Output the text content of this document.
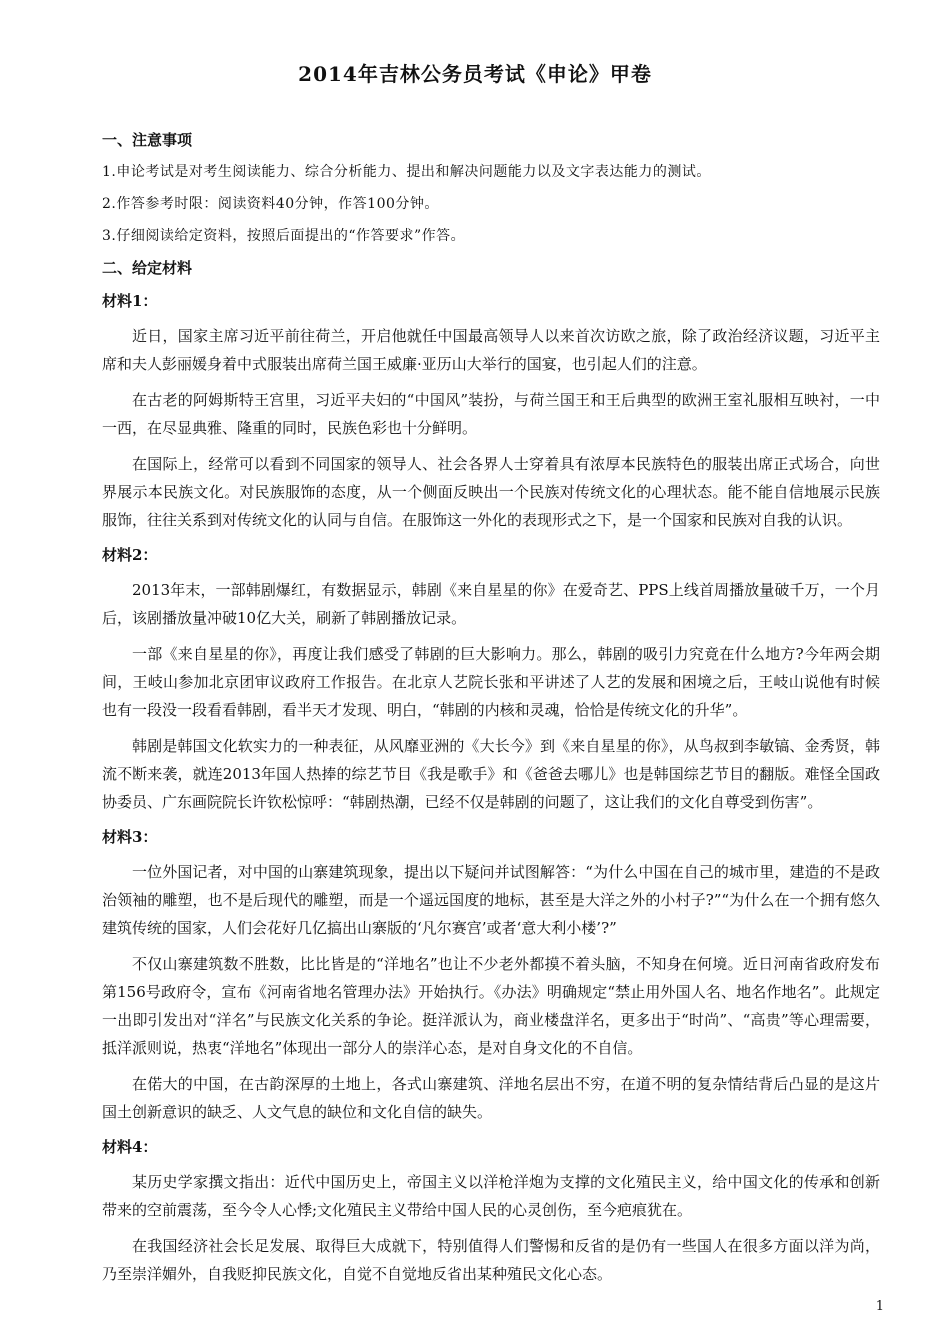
2014年吉林公务员考试《申论》甲卷
一、注意事项
1.申论考试是对考生阅读能力、综合分析能力、提出和解决问题能力以及文字表达能力的测试。
2.作答参考时限：阅读资料40分钟，作答100分钟。
3.仔细阅读给定资料，按照后面提出的“作答要求”作答。
二、给定材料
材料1：

近日，国家主席习近平前往荷兰，开启他就任中国最高领导人以来首次访欧之旅，除了政治经济议题，习近平主席和夫人彭丽媛身着中式服装出席荷兰国王威廉·亚历山大举行的国宴，也引起人们的注意。

在古老的阿姆斯特王宫里，习近平夫妇的“中国风”装扮，与荷兰国王和王后典型的欧洲王室礼服相互映衬，一中一西，在尽显典雅、隆重的同时，民族色彩也十分鲜明。

在国际上，经常可以看到不同国家的领导人、社会各界人士穿着具有浓厚本民族特色的服装出席正式场合，向世界展示本民族文化。对民族服饰的态度，从一个侧面反映出一个民族对传统文化的心理状态。能不能自信地展示民族服饰，往往关系到对传统文化的认同与自信。在服饰这一外化的表现形式之下，是一个国家和民族对自我的认识。

材料2：

2013年末，一部韩剧爆红，有数据显示，韩剧《来自星星的你》在爱奇艺、PPS上线首周播放量破千万，一个月后，该剧播放量冲破10亿大关，刷新了韩剧播放记录。

一部《来自星星的你》，再度让我们感受了韩剧的巨大影响力。那么，韩剧的吸引力究竟在什么地方?今年两会期间，王岐山参加北京团审议政府工作报告。在北京人艺院长张和平讲述了人艺的发展和困境之后，王岐山说他有时候也有一段没一段看看韩剧，看半天才发现、明白，“韩剧的内核和灵魂，恰恰是传统文化的升华”。

韩剧是韩国文化软实力的一种表征，从风靡亚洲的《大长今》到《来自星星的你》，从鸟叔到李敏镐、金秀贤，韩流不断来袭，就连2013年国人热捧的综艺节目《我是歌手》和《爸爸去哪儿》也是韩国综艺节目的翻版。难怪全国政协委员、广东画院院长许钦松惊呼：“韩剧热潮，已经不仅是韩剧的问题了，这让我们的文化自尊受到伤害”。

材料3：

一位外国记者，对中国的山寨建筑现象，提出以下疑问并试图解答：“为什么中国在自己的城市里，建造的不是政治领袖的雕塑，也不是后现代的雕塑，而是一个遥远国度的地标，甚至是大洋之外的小村子?”“为什么在一个拥有悠久建筑传统的国家，人们会花好几亿搞出山寨版的‘凡尔赛宫’或者‘意大利小楼’?”

不仅山寨建筑数不胜数，比比皆是的“洋地名”也让不少老外都摸不着头脑，不知身在何境。近日河南省政府发布第156号政府令，宣布《河南省地名管理办法》开始执行。《办法》明确规定“禁止用外国人名、地名作地名”。此规定一出即引发出对“洋名”与民族文化关系的争论。挺洋派认为，商业楼盘洋名，更多出于“时尚”、“高贵”等心理需要，抵洋派则说，热衷“洋地名”体现出一部分人的崇洋心态，是对自身文化的不自信。

在偌大的中国，在古韵深厚的土地上，各式山寨建筑、洋地名层出不穷，在道不明的复杂情结背后凸显的是这片国土创新意识的缺乏、人文气息的缺位和文化自信的缺失。

材料4：

某历史学家撰文指出：近代中国历史上，帝国主义以洋枪洋炮为支撑的文化殖民主义，给中国文化的传承和创新带来的空前震荡，至今令人心悸;文化殖民主义带给中国人民的心灵创伤，至今疤痕犹在。

在我国经济社会长足发展、取得巨大成就下，特别值得人们警惕和反省的是仍有一些国人在很多方面以洋为尚，乃至崇洋媚外，自我贬抑民族文化，自觉不自觉地反省出某种殖民文化心态。

1
